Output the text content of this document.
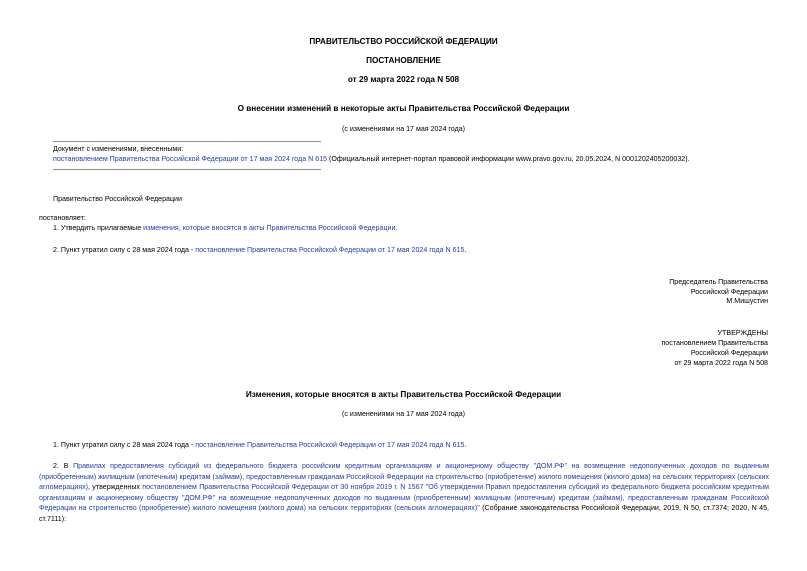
ПРАВИТЕЛЬСТВО РОССИЙСКОЙ ФЕДЕРАЦИИ
ПОСТАНОВЛЕНИЕ
от 29 марта 2022 года N 508
О внесении изменений в некоторые акты Правительства Российской Федерации
(с изменениями на 17 мая 2024 года)
Документ с изменениями, внесенными:
постановлением Правительства Российской Федерации от 17 мая 2024 года N 615 (Официальный интернет-портал правовой информации www.pravo.gov.ru, 20.05.2024, N 0001202405200032).
Правительство Российской Федерации
постановляет:
1. Утвердить прилагаемые изменения, которые вносятся в акты Правительства Российской Федерации.
2. Пункт утратил силу с 28 мая 2024 года - постановление Правительства Российской Федерации от 17 мая 2024 года N 615.
Председатель Правительства
Российской Федерации
М.Мишустин
УТВЕРЖДЕНЫ
постановлением Правительства
Российской Федерации
от 29 марта 2022 года N 508
Изменения, которые вносятся в акты Правительства Российской Федерации
(с изменениями на 17 мая 2024 года)
1. Пункт утратил силу с 28 мая 2024 года - постановление Правительства Российской Федерации от 17 мая 2024 года N 615.
2. В Правилах предоставления субсидий из федерального бюджета российским кредитным организациям и акционерному обществу "ДОМ.РФ" на возмещение недополученных доходов по выданным (приобретенным) жилищным (ипотечным) кредитам (займам), предоставленным гражданам Российской Федерации на строительство (приобретение) жилого помещения (жилого дома) на сельских территориях (сельских агломерациях), утвержденных постановлением Правительства Российской Федерации от 30 ноября 2019 г. N 1567 "Об утверждении Правил предоставления субсидий из федерального бюджета российским кредитным организациям и акционерному обществу "ДОМ.РФ" на возмещение недополученных доходов по выданным (приобретенным) жилищным (ипотечным) кредитам (займам), предоставленным гражданам Российской Федерации на строительство (приобретение) жилого помещения (жилого дома) на сельских территориях (сельских агломерациях)" (Собрание законодательства Российской Федерации, 2019, N 50, ст.7374; 2020, N 45, ст.7111):
